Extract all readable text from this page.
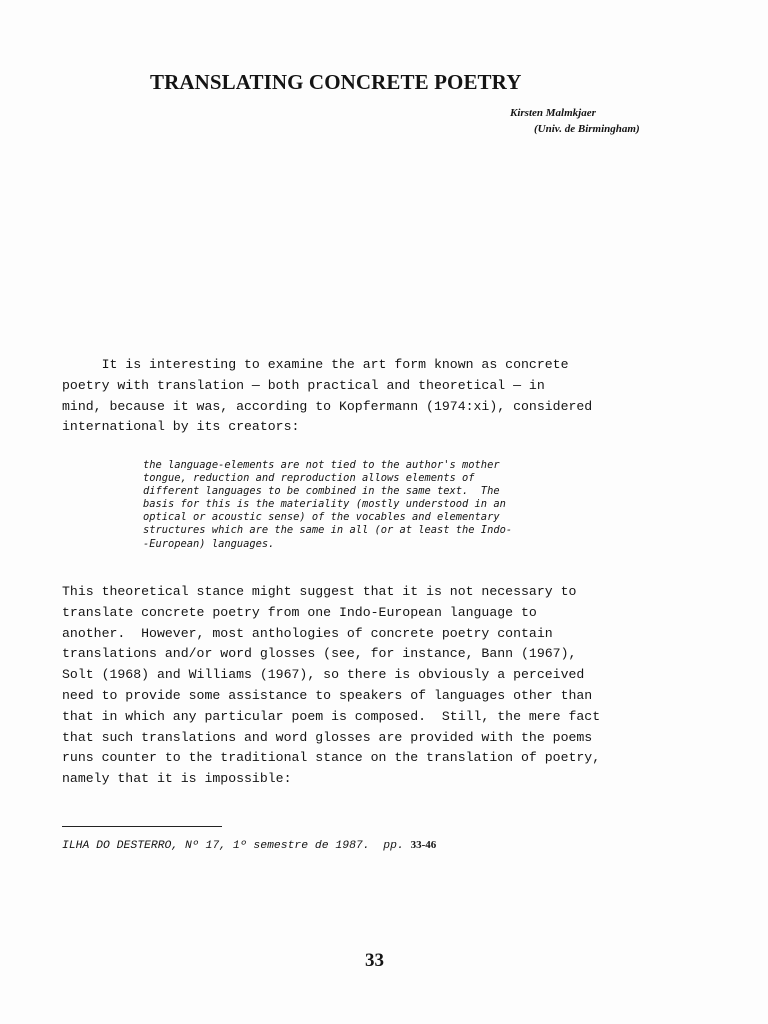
TRANSLATING CONCRETE POETRY
Kirsten Malmkjaer
(Univ. de Birmingham)
It is interesting to examine the art form known as concrete
poetry with translation — both practical and theoretical — in
mind, because it was, according to Kopfermann (1974:xi), considered
international by its creators:
the language-elements are not tied to the author's mother
tongue, reduction and reproduction allows elements of
different languages to be combined in the same text.  The
basis for this is the materiality (mostly understood in an
optical or acoustic sense) of the vocables and elementary
structures which are the same in all (or at least the Indo-
-European) languages.
This theoretical stance might suggest that it is not necessary to
translate concrete poetry from one Indo-European language to
another.  However, most anthologies of concrete poetry contain
translations and/or word glosses (see, for instance, Bann (1967),
Solt (1968) and Williams (1967), so there is obviously a perceived
need to provide some assistance to speakers of languages other than
that in which any particular poem is composed.  Still, the mere fact
that such translations and word glosses are provided with the poems
runs counter to the traditional stance on the translation of poetry,
namely that it is impossible:
ILHA DO DESTERRO, Nº 17, 1º semestre de 1987.  pp. 33-46
33
